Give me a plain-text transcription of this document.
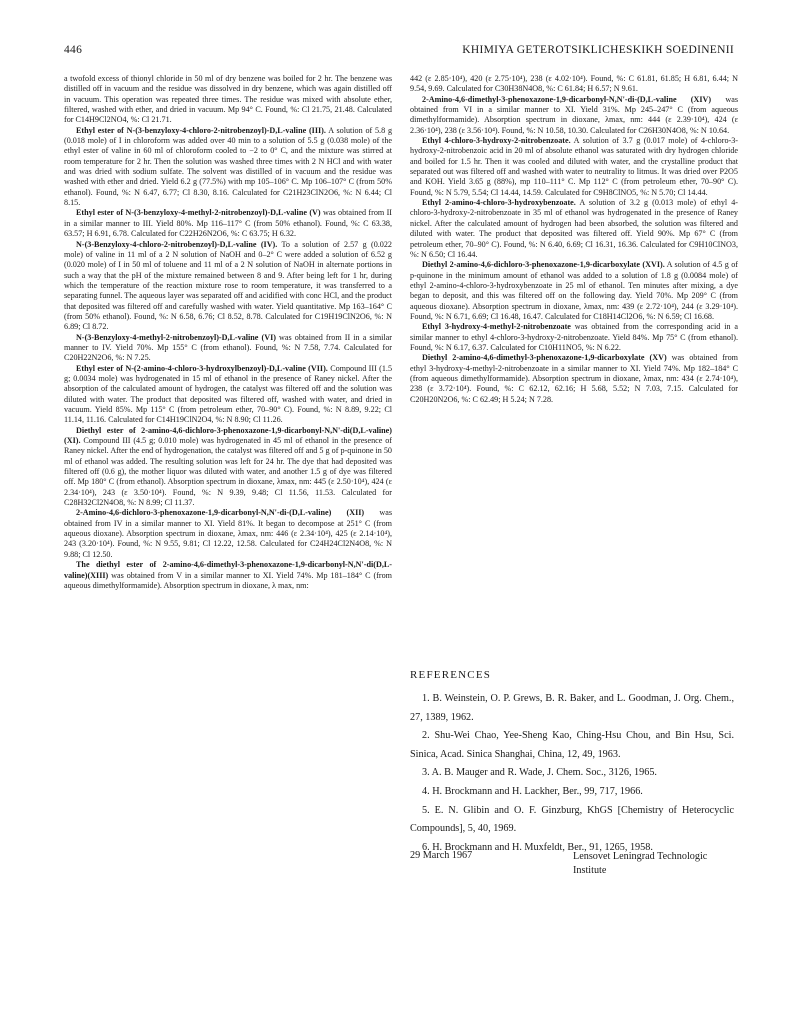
446	KHIMIYA GETEROTSIKLICHESKIKH SOEDINENII

a twofold excess of thionyl chloride in 50 ml of dry benzene was boiled for 2 hr. The benzene was distilled off in vacuum and the residue was dissolved in dry benzene, which was again distilled off in vacuum. This operation was repeated three times. The residue was mixed with absolute ether, filtered, washed with ether, and dried in vacuum. Mp 94° C. Found, %: Cl 21.75, 21.48. Calculated for C14H9Cl2NO4, %: Cl 21.71.

Ethyl ester of N-(3-benzyloxy-4-chloro-2-nitrobenzoyl)-D,L-valine (III). A solution of 5.8 g (0.018 mole) of I in chloroform was added over 40 min to a solution of 5.5 g (0.038 mole) of the ethyl ester of valine in 60 ml of chloroform cooled to −2 to 0° C, and the mixture was stirred at room temperature for 2 hr. Then the solution was washed three times with 2 N HCl and with water and was dried with sodium sulfate. The solvent was distilled of in vacuum and the residue was washed with ether and dried. Yield 6.2 g (77.5%) with mp 105–106° C. Mp 106–107° C (from 50% ethanol). Found, %: N 6.47, 6.77; Cl 8.30, 8.16. Calculated for C21H23ClN2O6, %: N 6.44; Cl 8.15.

Ethyl ester of N-(3-benzyloxy-4-methyl-2-nitrobenzoyl)-D,L-valine (V) was obtained from II in a similar manner to III. Yield 80%. Mp 116–117° C (from 50% ethanol). Found, %: C 63.38, 63.57; H 6.91, 6.78. Calculated for C22H26N2O6, %: C 63.75; H 6.32.

N-(3-Benzyloxy-4-chloro-2-nitrobenzoyl)-D,L-valine (IV). To a solution of 2.57 g (0.022 mole) of valine in 11 ml of a 2 N solution of NaOH and 0–2° C were added a solution of 6.52 g (0.020 mole) of I in 50 ml of toluene and 11 ml of a 2 N solution of NaOH in alternate portions in such a way that the pH of the mixture remained between 8 and 9. After being left for 1 hr, during which the temperature of the reaction mixture rose to room temperature, it was transferred to a separating funnel. The aqueous layer was separated off and acidified with conc HCl, and the product that deposited was filtered off and carefully washed with water. Yield quantitative. Mp 163–164° C (from 50% ethanol). Found, %: N 6.58, 6.76; Cl 8.52, 8.78. Calculated for C19H19ClN2O6, %: N 6.89; Cl 8.72.

N-(3-Benzyloxy-4-methyl-2-nitrobenzoyl)-D,L-valine (VI) was obtained from II in a similar manner to IV. Yield 70%. Mp 155° C (from ethanol). Found, %: N 7.58, 7.74. Calculated for C20H22N2O6, %: N 7.25.

Ethyl ester of N-(2-amino-4-chloro-3-hydroxylbenzoyl)-D,L-valine (VII). Compound III (1.5 g; 0.0034 mole) was hydrogenated in 15 ml of ethanol in the presence of Raney nickel. After the absorption of the calculated amount of hydrogen, the catalyst was filtered off and the solution was diluted with water. The product that deposited was filtered off, washed with water, and dried in vacuum. Yield 85%. Mp 115° C (from petroleum ether, 70–90° C). Found, %: N 8.89, 9.22; Cl 11.14, 11.16. Calculated for C14H19ClN2O4, %: N 8.90; Cl 11.26.

Diethyl ester of 2-amino-4,6-dichloro-3-phenoxazone-1,9-dicarbonyl-N,N'-di(D,L-valine) (XI). Compound III (4.5 g; 0.010 mole) was hydrogenated in 45 ml of ethanol in the presence of Raney nickel. After the end of hydrogenation, the catalyst was filtered off and 5 g of p-quinone in 50 ml of ethanol was added. The resulting solution was left for 24 hr. The dye that had deposited was filtered off (0.6 g), the mother liquor was diluted with water, and another 1.5 g of dye was filtered off. Mp 180° C (from ethanol). Absorption spectrum in dioxane, λmax, nm: 445 (ε 2.50·10⁴), 424 (ε 2.34·10⁴), 243 (ε 3.50·10⁴). Found, %: N 9.39, 9.48; Cl 11.56, 11.53. Calculated for C28H32Cl2N4O8, %: N 8.99; Cl 11.37.

2-Amino-4,6-dichloro-3-phenoxazone-1,9-dicarbonyl-N,N'-di-(D,L-valine) (XII) was obtained from IV in a similar manner to XI. Yield 81%. It began to decompose at 251° C (from aqueous dioxane). Absorption spectrum in dioxane, λmax, nm: 446 (ε 2.34·10⁴), 425 (ε 2.14·10⁴), 243 (3.20·10⁴). Found, %: N 9.55, 9.81; Cl 12.22, 12.58. Calculated for C24H24Cl2N4O8, %: N 9.88; Cl 12.50.

The diethyl ester of 2-amino-4,6-dimethyl-3-phenoxazone-1,9-dicarbonyl-N,N'-di(D,L-valine)(XIII) was obtained from V in a similar manner to XI. Yield 74%. Mp 181–184° C (from aqueous dimethylformamide). Absorption spectrum in dioxane, λ max, nm:

442 (ε 2.85·10⁴), 420 (ε 2.75·10⁴), 238 (ε 4.02·10⁴). Found, %: C 61.81, 61.85; H 6.81, 6.44; N 9.54, 9.69. Calculated for C30H38N4O8, %: C 61.84; H 6.57; N 9.61.

2-Amino-4,6-dimethyl-3-phenoxazone-1,9-dicarbonyl-N,N'-di-(D,L-valine (XIV) was obtained from VI in a similar manner to XI. Yield 31%. Mp 245–247° C (from aqueous dimethylformamide). Absorption spectrum in dioxane, λmax, nm: 444 (ε 2.39·10⁴), 424 (ε 2.36·10⁴), 238 (ε 3.56·10⁴). Found, %: N 10.58, 10.30. Calculated for C26H30N4O8, %: N 10.64.

Ethyl 4-chloro-3-hydroxy-2-nitrobenzoate. A solution of 3.7 g (0.017 mole) of 4-chloro-3-hydroxy-2-nitrobenzoic acid in 20 ml of absolute ethanol was saturated with dry hydrogen chloride and boiled for 1.5 hr. Then it was cooled and diluted with water, and the crystalline product that separated out was filtered off and washed with water to neutrality to litmus. It was dried over P2O5 and KOH. Yield 3.65 g (88%), mp 110–111° C. Mp 112° C (from petroleum ether, 70–90° C). Found, %: N 5.79, 5.54; Cl 14.44, 14.59. Calculated for C9H8ClNO5, %: N 5.70; Cl 14.44.

Ethyl 2-amino-4-chloro-3-hydroxybenzoate. A solution of 3.2 g (0.013 mole) of ethyl 4-chloro-3-hydroxy-2-nitrobenzoate in 35 ml of ethanol was hydrogenated in the presence of Raney nickel. After the calculated amount of hydrogen had been absorbed, the solution was filtered and diluted with water. The product that deposited was filtered off. Yield 90%. Mp 67° C (from petroleum ether, 70–90° C). Found, %: N 6.40, 6.69; Cl 16.31, 16.36. Calculated for C9H10ClNO3, %: N 6.50; Cl 16.44.

Diethyl 2-amino-4,6-dichloro-3-phenoxazone-1,9-dicarboxylate (XVI). A solution of 4.5 g of p-quinone in the minimum amount of ethanol was added to a solution of 1.8 g (0.0084 mole) of ethyl 2-amino-4-chloro-3-hydroxybenzoate in 25 ml of ethanol. Ten minutes after mixing, a dye began to deposit, and this was filtered off on the following day. Yield 70%. Mp 209° C (from aqueous dioxane). Absorption spectrum in dioxane, λmax, nm: 439 (ε 2.72·10⁴), 244 (ε 3.29·10⁴). Found, %: N 6.71, 6.69; Cl 16.48, 16.47. Calculated for C18H14Cl2O6, %: N 6.59; Cl 16.68.

Ethyl 3-hydroxy-4-methyl-2-nitrobenzoate was obtained from the corresponding acid in a similar manner to ethyl 4-chloro-3-hydroxy-2-nitrobenzoate. Yield 84%. Mp 75° C (from ethanol). Found, %: N 6.17, 6.37. Calculated for C10H11NO5, %: N 6.22.

Diethyl 2-amino-4,6-dimethyl-3-phenoxazone-1,9-dicarboxylate (XV) was obtained from ethyl 3-hydroxy-4-methyl-2-nitrobenzoate in a similar manner to XI. Yield 74%. Mp 182–184° C (from aqueous dimethylformamide). Absorption spectrum in dioxane, λmax, nm: 434 (ε 2.74·10⁴), 238 (ε 3.72·10⁴). Found, %: C 62.12, 62.16; H 5.68, 5.52; N 7.03, 7.15. Calculated for C20H20N2O6, %: C 62.49; H 5.24; N 7.28.

REFERENCES

1. B. Weinstein, O. P. Grews, B. R. Baker, and L. Goodman, J. Org. Chem., 27, 1389, 1962.

2. Shu-Wei Chao, Yee-Sheng Kao, Ching-Hsu Chou, and Bin Hsu, Sci. Sinica, Acad. Sinica Shanghai, China, 12, 49, 1963.

3. A. B. Mauger and R. Wade, J. Chem. Soc., 3126, 1965.

4. H. Brockmann and H. Lackher, Ber., 99, 717, 1966.

5. E. N. Glibin and O. F. Ginzburg, KhGS [Chemistry of Heterocyclic Compounds], 5, 40, 1969.

6. H. Brockmann and H. Muxfeldt, Ber., 91, 1265, 1958.

29 March 1967	Lensovet Leningrad Technologic Institute
